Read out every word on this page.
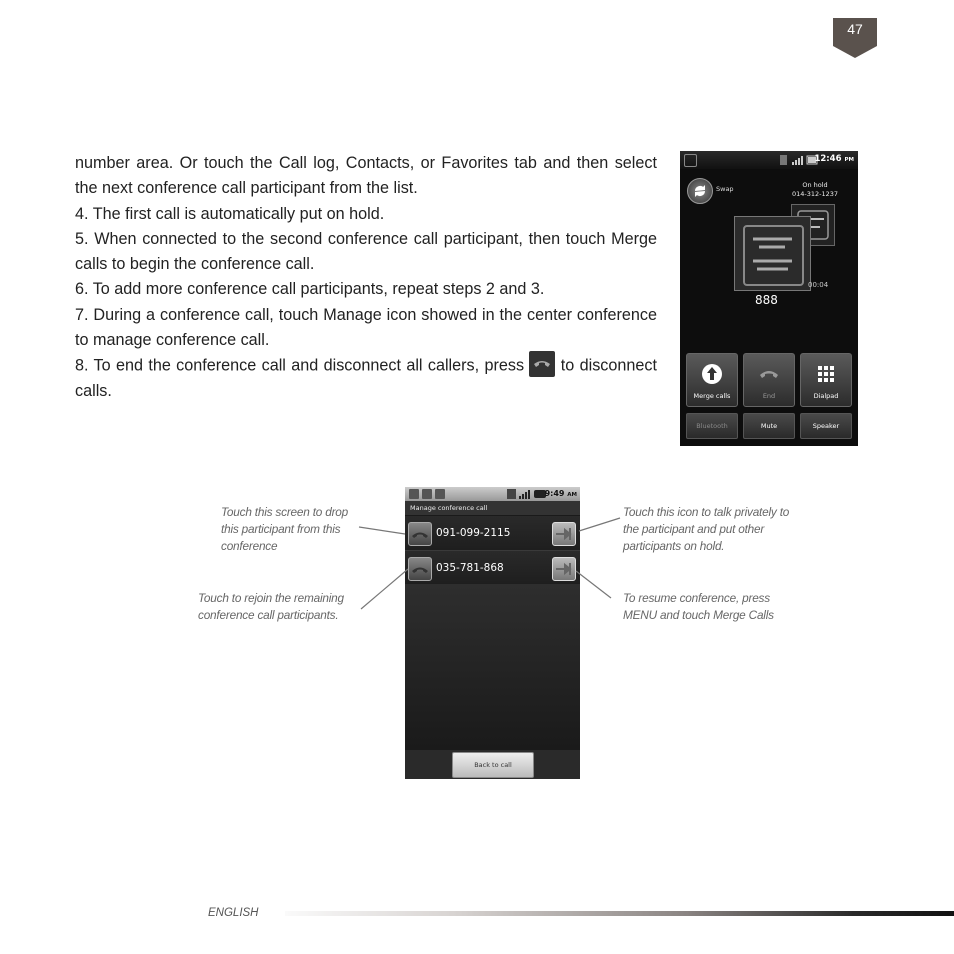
47

number area. Or touch the Call log, Contacts, or Favorites tab and then select the next conference call participant from the list.

4. The first call is automatically put on hold.

5. When connected to the second conference call participant, then touch Merge calls to begin the conference call.

6. To add more conference call participants, repeat steps 2 and 3.

7. During a conference call, touch Manage icon showed in the center conference to manage conference call.

8. To end the conference call and disconnect all callers, press to disconnect calls.

12:46 PM
Swap	On hold
014-312-1237
00:04
888
Merge calls	End	Dialpad
Bluetooth	Mute	Speaker
9:49 AM
Manage conference call
091-099-2115
035-781-868
Back to call
Touch this screen to drop this participant from this conference
Touch to rejoin the remaining conference call participants.
Touch this icon to talk privately to the participant and put other participants on hold.
To resume conference, press MENU and touch Merge Calls
ENGLISH
